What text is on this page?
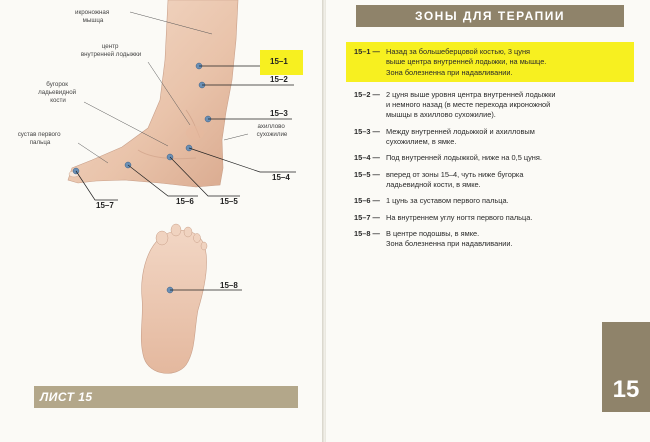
икроножная мышца
центр внутренней лодыжки
бугорок ладьевидной кости
сустав первого пальца
ахиллово сухожилие
15–1
15–2
15–3
15–4
15–5
15–6
15–7
15–8
ЛИСТ 15
ЗОНЫ ДЛЯ ТЕРАПИИ
15–1 — Назад за большеберцовой костью, 3 цуня
выше центра внутренней лодыжки, на мышце.
Зона болезненна при надавливании.
15–2 — 2 цуня выше уровня центра внутренней лодыжки
и немного назад (в месте перехода икроножной
мышцы в ахиллово сухожилие).
15–3 — Между внутренней лодыжкой и ахилловым
сухожилием, в ямке.
15–4 — Под внутренней лодыжкой, ниже на 0,5 цуня.
15–5 — вперед от зоны 15–4, чуть ниже бугорка
ладьевидной кости, в ямке.
15–6 — 1 цунь за суставом первого пальца.
15–7 — На внутреннем углу ногтя первого пальца.
15–8 — В центре подошвы, в ямке.
Зона болезненна при надавливании.
15
